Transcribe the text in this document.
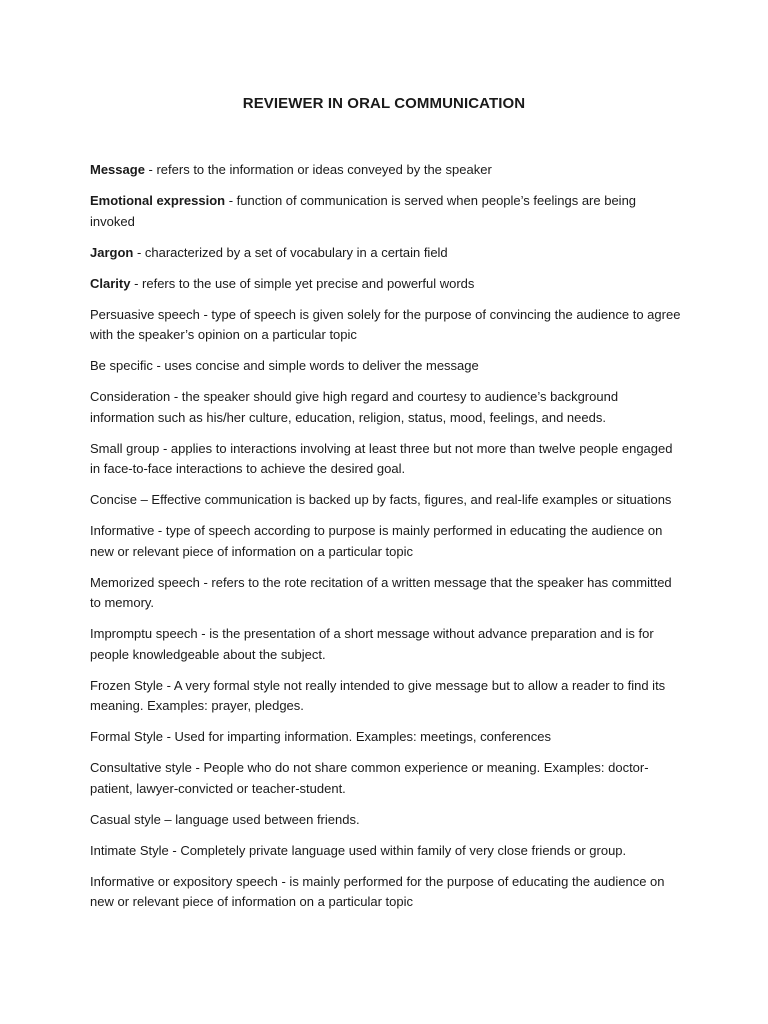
REVIEWER IN ORAL COMMUNICATION
Message - refers to the information or ideas conveyed by the speaker
Emotional expression - function of communication is served when people’s feelings are being invoked
Jargon - characterized by a set of vocabulary in a certain field
Clarity - refers to the use of simple yet precise and powerful words
Persuasive speech - type of speech is given solely for the purpose of convincing the audience to agree with the speaker’s opinion on a particular topic
Be specific - uses concise and simple words to deliver the message
Consideration - the speaker should give high regard and courtesy to audience’s background information such as his/her culture, education, religion, status, mood, feelings, and needs.
Small group - applies to interactions involving at least three but not more than twelve people engaged in face-to-face interactions to achieve the desired goal.
Concise – Effective communication is backed up by facts, figures, and real-life examples or situations
Informative - type of speech according to purpose is mainly performed in educating the audience on new or relevant piece of information on a particular topic
Memorized speech - refers to the rote recitation of a written message that the speaker has committed to memory.
Impromptu speech - is the presentation of a short message without advance preparation and is for people knowledgeable about the subject.
Frozen Style - A very formal style not really intended to give message but to allow a reader to find its meaning. Examples: prayer, pledges.
Formal Style - Used for imparting information. Examples: meetings, conferences
Consultative style - People who do not share common experience or meaning. Examples: doctor-patient, lawyer-convicted or teacher-student.
Casual style – language used between friends.
Intimate Style - Completely private language used within family of very close friends or group.
Informative or expository speech - is mainly performed for the purpose of educating the audience on new or relevant piece of information on a particular topic
